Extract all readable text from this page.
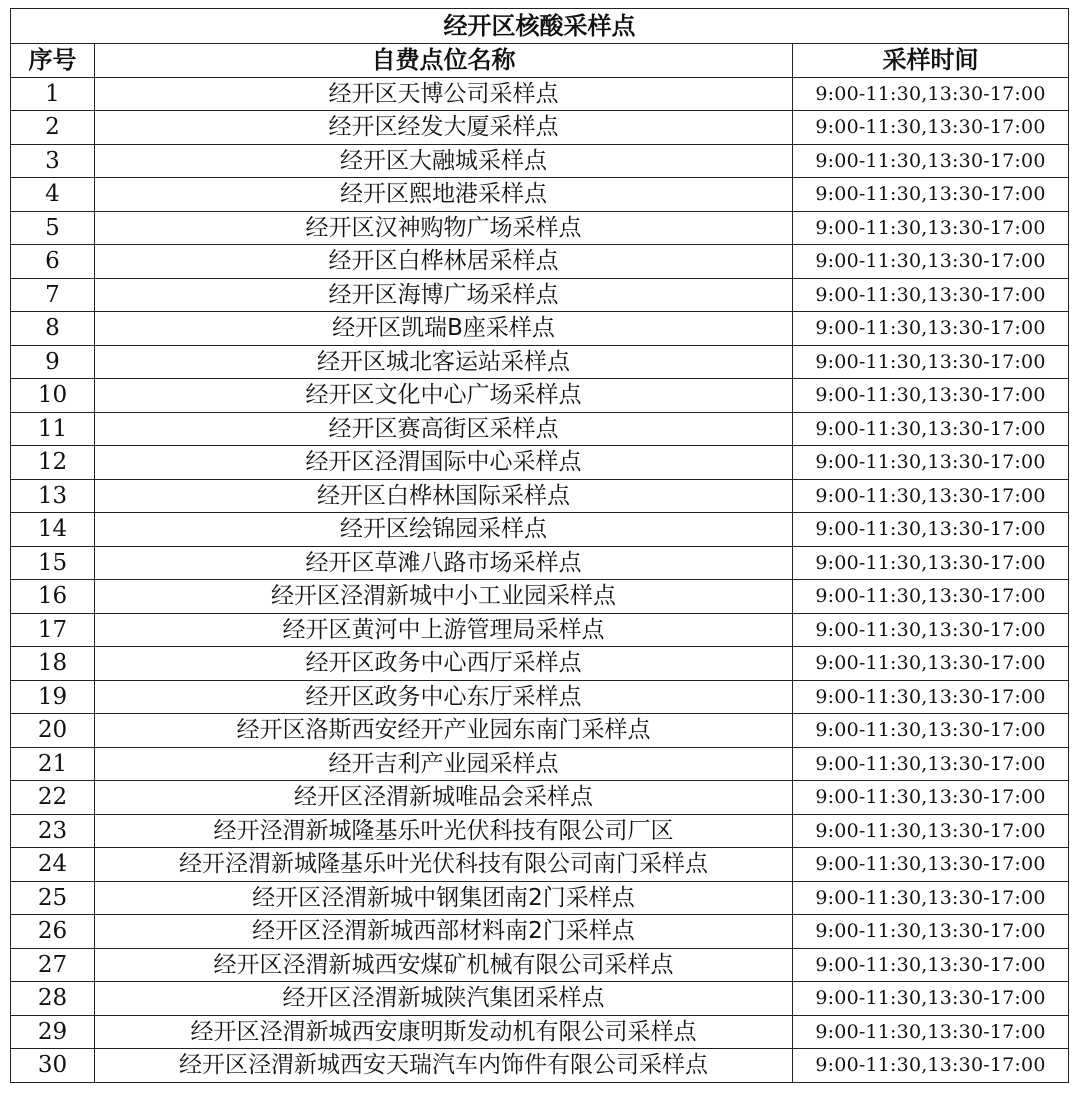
经开区核酸采样点		
序号	自费点位名称	采样时间
1	经开区天博公司采样点	9:00-11:30,13:30-17:00
2	经开区经发大厦采样点	9:00-11:30,13:30-17:00
3	经开区大融城采样点	9:00-11:30,13:30-17:00
4	经开区熙地港采样点	9:00-11:30,13:30-17:00
5	经开区汉神购物广场采样点	9:00-11:30,13:30-17:00
6	经开区白桦林居采样点	9:00-11:30,13:30-17:00
7	经开区海博广场采样点	9:00-11:30,13:30-17:00
8	经开区凯瑞B座采样点	9:00-11:30,13:30-17:00
9	经开区城北客运站采样点	9:00-11:30,13:30-17:00
10	经开区文化中心广场采样点	9:00-11:30,13:30-17:00
11	经开区赛高街区采样点	9:00-11:30,13:30-17:00
12	经开区泾渭国际中心采样点	9:00-11:30,13:30-17:00
13	经开区白桦林国际采样点	9:00-11:30,13:30-17:00
14	经开区绘锦园采样点	9:00-11:30,13:30-17:00
15	经开区草滩八路市场采样点	9:00-11:30,13:30-17:00
16	经开区泾渭新城中小工业园采样点	9:00-11:30,13:30-17:00
17	经开区黄河中上游管理局采样点	9:00-11:30,13:30-17:00
18	经开区政务中心西厅采样点	9:00-11:30,13:30-17:00
19	经开区政务中心东厅采样点	9:00-11:30,13:30-17:00
20	经开区洛斯西安经开产业园东南门采样点	9:00-11:30,13:30-17:00
21	经开吉利产业园采样点	9:00-11:30,13:30-17:00
22	经开区泾渭新城唯品会采样点	9:00-11:30,13:30-17:00
23	经开泾渭新城隆基乐叶光伏科技有限公司厂区	9:00-11:30,13:30-17:00
24	经开泾渭新城隆基乐叶光伏科技有限公司南门采样点	9:00-11:30,13:30-17:00
25	经开区泾渭新城中钢集团南2门采样点	9:00-11:30,13:30-17:00
26	经开区泾渭新城西部材料南2门采样点	9:00-11:30,13:30-17:00
27	经开区泾渭新城西安煤矿机械有限公司采样点	9:00-11:30,13:30-17:00
28	经开区泾渭新城陕汽集团采样点	9:00-11:30,13:30-17:00
29	经开区泾渭新城西安康明斯发动机有限公司采样点	9:00-11:30,13:30-17:00
30	经开区泾渭新城西安天瑞汽车内饰件有限公司采样点	9:00-11:30,13:30-17:00
